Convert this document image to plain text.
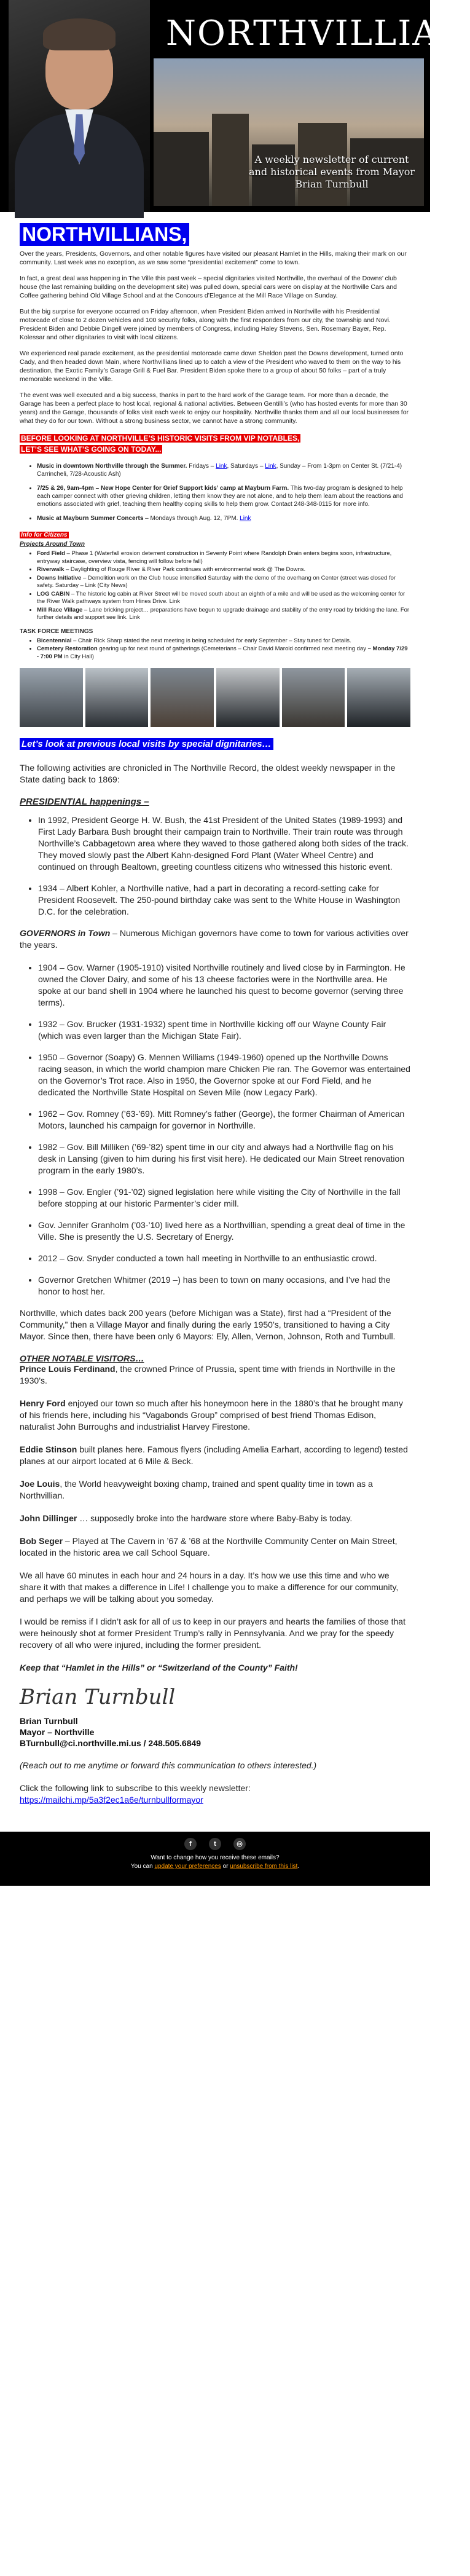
NORTHVILLIAN
A weekly newsletter of current and historical events from Mayor Brian Turnbull
NORTHVILLIANS,

Over the years, Presidents, Governors, and other notable figures have visited our pleasant Hamlet in the Hills, making their mark on our community. Last week was no exception, as we saw some “presidential excitement” come to town.

In fact, a great deal was happening in The Ville this past week – special dignitaries visited Northville, the overhaul of the Downs’ club house (the last remaining building on the development site) was pulled down, special cars were on display at the Northville Cars and Coffee gathering behind Old Village School and at the Concours d’Elegance at the Mill Race Village on Sunday.

But the big surprise for everyone occurred on Friday afternoon, when President Biden arrived in Northville with his Presidential motorcade of close to 2 dozen vehicles and 100 security folks, along with the first responders from our city, the township and Novi. President Biden and Debbie Dingell were joined by members of Congress, including Haley Stevens, Sen. Rosemary Bayer, Rep. Kolessar and other dignitaries to visit with local citizens.

We experienced real parade excitement, as the presidential motorcade came down Sheldon past the Downs development, turned onto Cady, and then headed down Main, where Northvillians lined up to catch a view of the President who waved to them on the way to his destination, the Exotic Family’s Garage Grill & Fuel Bar. President Biden spoke there to a group of about 50 folks – part of a truly memorable weekend in the Ville.

The event was well executed and a big success, thanks in part to the hard work of the Garage team. For more than a decade, the Garage has been a perfect place to host local, regional & national activities. Between Gentilli’s (who has hosted events for more than 30 years) and the Garage, thousands of folks visit each week to enjoy our hospitality. Northville thanks them and all our local businesses for what they do for our town. Without a strong business sector, we cannot have a strong community.

BEFORE LOOKING AT NORTHVILLE’S HISTORIC VISITS FROM VIP NOTABLES,
LET’S SEE WHAT’S GOING ON TODAY...
• Music in downtown Northville through the Summer. Fridays – Link, Saturdays – Link, Sunday – From 1-3pm on Center St. (7/21-4) Carrincheli, 7/28-Acoustic Ash)
• 7/25 & 26, 9am-4pm – New Hope Center for Grief Support kids’ camp at Mayburn Farm. This two-day program is designed to help each camper connect with other grieving children, letting them know they are not alone, and to help them learn about the reactions and emotions associated with grief, teaching them healthy coping skills to help them grow. Contact 248-348-0115 for more info.
• Music at Mayburn Summer Concerts – Mondays through Aug. 12, 7PM. Link
Info for Citizens
Projects Around Town
• Ford Field – Phase 1 (Waterfall erosion deterrent construction in Seventy Point where Randolph Drain enters begins soon, infrastructure, entryway staircase, overview vista, fencing will follow before fall)
• Riverwalk – Daylighting of Rouge River & River Park continues with environmental work @ The Downs.
• Downs Initiative – Demolition work on the Club house intensified Saturday with the demo of the overhang on Center (street was closed for safety. Saturday – Link (City News)
• LOG CABIN – The historic log cabin at River Street will be moved south about an eighth of a mile and will be used as the welcoming center for the River Walk pathways system from Hines Drive. Link
• Mill Race Village – Lane bricking project… preparations have begun to upgrade drainage and stability of the entry road by bricking the lane. For further details and support see link. Link
TASK FORCE MEETINGS
• Bicentennial – Chair Rick Sharp stated the next meeting is being scheduled for early September – Stay tuned for Details.
• Cemetery Restoration gearing up for next round of gatherings (Cemeterians – Chair David Marold confirmed next meeting day – Monday 7/29 - 7:00 PM in City Hall)
Let’s look at previous local visits by special dignitaries…

The following activities are chronicled in The Northville Record, the oldest weekly newspaper in the State dating back to 1869:

PRESIDENTIAL happenings –
• In 1992, President George H. W. Bush, the 41st President of the United States (1989-1993) and First Lady Barbara Bush brought their campaign train to Northville. Their train route was through Northville’s Cabbagetown area where they waved to those gathered along both sides of the track. They moved slowly past the Albert Kahn-designed Ford Plant (Water Wheel Centre) and continued on through Bealtown, greeting countless citizens who witnessed this historic event.
• 1934 – Albert Kohler, a Northville native, had a part in decorating a record-setting cake for President Roosevelt. The 250-pound birthday cake was sent to the White House in Washington D.C. for the celebration.

GOVERNORS in Town – Numerous Michigan governors have come to town for various activities over the years.

• 1904 – Gov. Warner (1905-1910) visited Northville routinely and lived close by in Farmington. He owned the Clover Dairy, and some of his 13 cheese factories were in the Northville area. He spoke at our band shell in 1904 where he launched his quest to become governor (serving three terms).
• 1932 – Gov. Brucker (1931-1932) spent time in Northville kicking off our Wayne County Fair (which was even larger than the Michigan State Fair).
• 1950 – Governor (Soapy) G. Mennen Williams (1949-1960) opened up the Northville Downs racing season, in which the world champion mare Chicken Pie ran. The Governor was entertained on the Governor’s Trot race. Also in 1950, the Governor spoke at our Ford Field, and he dedicated the Northville State Hospital on Seven Mile (now Legacy Park).
• 1962 – Gov. Romney (’63-’69). Mitt Romney’s father (George), the former Chairman of American Motors, launched his campaign for governor in Northville.
• 1982 – Gov. Bill Milliken (’69-’82) spent time in our city and always had a Northville flag on his desk in Lansing (given to him during his first visit here). He dedicated our Main Street renovation program in the early 1980’s.
• 1998 – Gov. Engler (’91-’02) signed legislation here while visiting the City of Northville in the fall before stopping at our historic Parmenter’s cider mill.
• Gov. Jennifer Granholm (’03-’10) lived here as a Northvillian, spending a great deal of time in the Ville. She is presently the U.S. Secretary of Energy.
• 2012 – Gov. Snyder conducted a town hall meeting in Northville to an enthusiastic crowd.
• Governor Gretchen Whitmer (2019 –) has been to town on many occasions, and I’ve had the honor to host her.

Northville, which dates back 200 years (before Michigan was a State), first had a “President of the Community,” then a Village Mayor and finally during the early 1950’s, transitioned to having a City Mayor. Since then, there have been only 6 Mayors: Ely, Allen, Vernon, Johnson, Roth and Turnbull.

OTHER NOTABLE VISITORS…

Prince Louis Ferdinand, the crowned Prince of Prussia, spent time with friends in Northville in the 1930’s.

Henry Ford enjoyed our town so much after his honeymoon here in the 1880’s that he brought many of his friends here, including his “Vagabonds Group” comprised of best friend Thomas Edison, naturalist John Burroughs and industrialist Harvey Firestone.

Eddie Stinson built planes here. Famous flyers (including Amelia Earhart, according to legend) tested planes at our airport located at 6 Mile & Beck.

Joe Louis, the World heavyweight boxing champ, trained and spent quality time in town as a Northvillian.

John Dillinger … supposedly broke into the hardware store where Baby-Baby is today.

Bob Seger – Played at The Cavern in ’67 & ’68 at the Northville Community Center on Main Street, located in the historic area we call School Square.

We all have 60 minutes in each hour and 24 hours in a day. It’s how we use this time and who we share it with that makes a difference in Life! I challenge you to make a difference for our community, and perhaps we will be talking about you someday.

I would be remiss if I didn’t ask for all of us to keep in our prayers and hearts the families of those that were heinously shot at former President Trump’s rally in Pennsylvania. And we pray for the speedy recovery of all who were injured, including the former president.

Keep that “Hamlet in the Hills” or “Switzerland of the County” Faith!

Brian Turnbull
Brian Turnbull
Mayor – Northville
BTurnbull@ci.northville.mi.us / 248.505.6849

(Reach out to me anytime or forward this communication to others interested.)

Click the following link to subscribe to this weekly newsletter:
https://mailchi.mp/5a3f2ec1a6e/turnbullformayor

f	t	◎
Want to change how you receive these emails?
You can update your preferences or unsubscribe from this list.
